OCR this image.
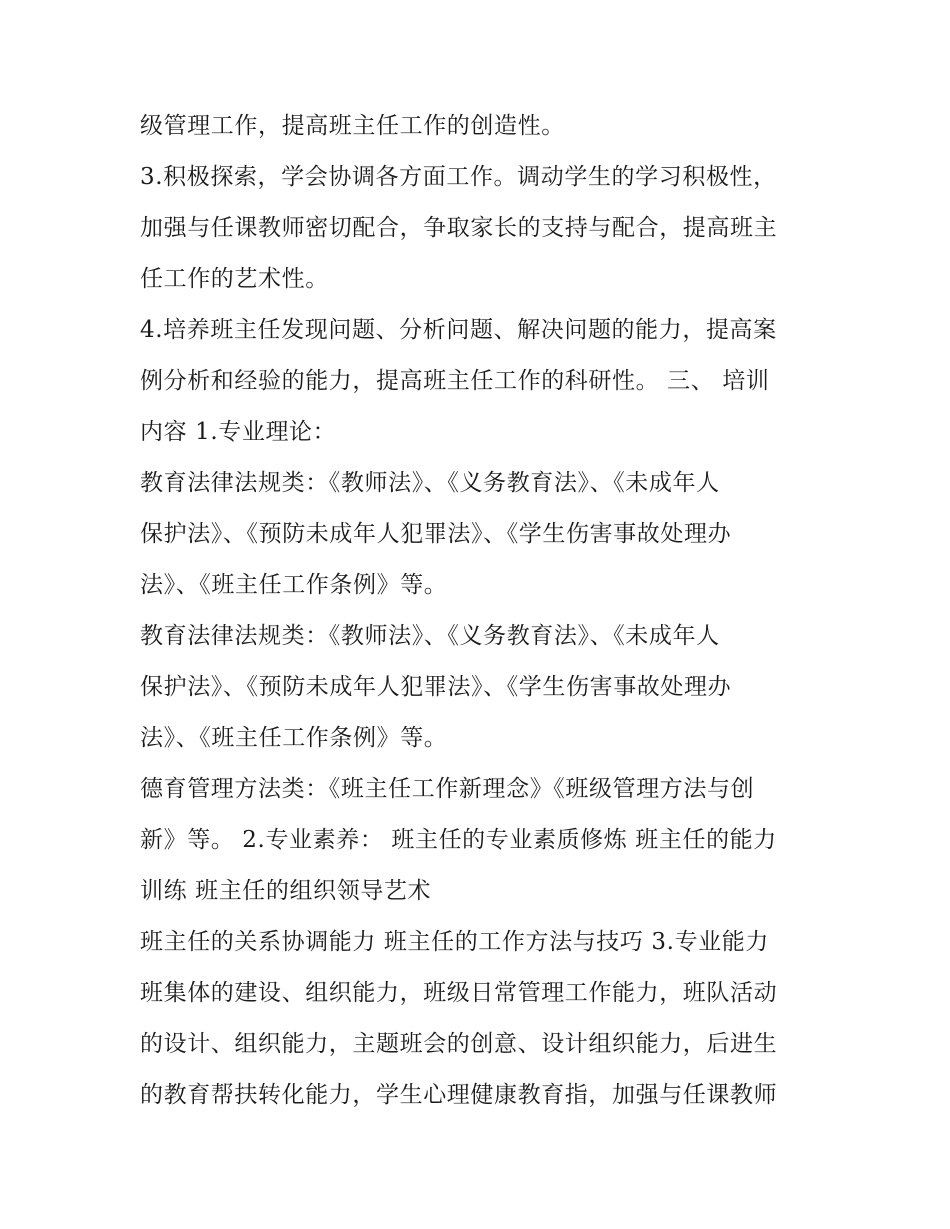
级管理工作，提高班主任工作的创造性。
3.积极探索，学会协调各方面工作。调动学生的学习积极性，
加强与任课教师密切配合，争取家长的支持与配合，提高班主
任工作的艺术性。
4.培养班主任发现问题、分析问题、解决问题的能力，提高案
例分析和经验的能力，提高班主任工作的科研性。 三、 培训
内容 1.专业理论：
教育法律法规类：《教师法》、《义务教育法》、《未成年人
保护法》、《预防未成年人犯罪法》、《学生伤害事故处理办
法》、《班主任工作条例》等。
教育法律法规类：《教师法》、《义务教育法》、《未成年人
保护法》、《预防未成年人犯罪法》、《学生伤害事故处理办
法》、《班主任工作条例》等。
德育管理方法类：《班主任工作新理念》《班级管理方法与创
新》等。 2.专业素养： 班主任的专业素质修炼 班主任的能力
训练 班主任的组织领导艺术
班主任的关系协调能力 班主任的工作方法与技巧 3.专业能力
班集体的建设、组织能力，班级日常管理工作能力，班队活动
的设计、组织能力，主题班会的创意、设计组织能力，后进生
的教育帮扶转化能力，学生心理健康教育指，加强与任课教师
